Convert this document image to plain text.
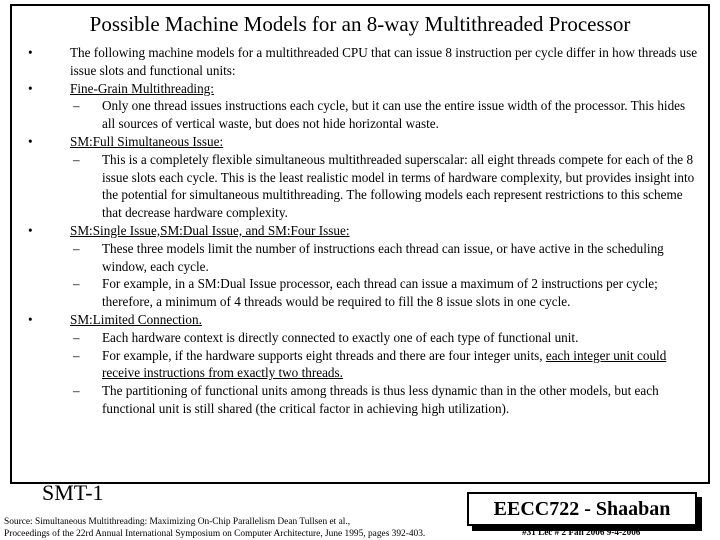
Possible Machine Models for an 8-way Multithreaded Processor
•	The following machine models for a multithreaded CPU that can issue 8 instruction per cycle differ in how threads use issue slots and functional units:
•	Fine-Grain Multithreading:
– Only one thread issues instructions each cycle, but it can use the entire issue width of the processor. This hides all sources of vertical waste, but does not hide horizontal waste.
•	SM:Full Simultaneous Issue:
– This is a completely flexible simultaneous multithreaded superscalar: all eight threads compete for each of the 8 issue slots each cycle. This is the least realistic model in terms of hardware complexity, but provides insight into the potential for simultaneous multithreading. The following models each represent restrictions to this scheme that decrease hardware complexity.
•	SM:Single Issue,SM:Dual Issue, and SM:Four Issue:
– These three models limit the number of instructions each thread can issue, or have active in the scheduling window, each cycle.
– For example, in a SM:Dual Issue processor, each thread can issue a maximum of 2 instructions per cycle; therefore, a minimum of 4 threads would be required to fill the 8 issue slots in one cycle.
•	SM:Limited Connection.
– Each hardware context is directly connected to exactly one of each type of functional unit.
– For example, if the hardware supports eight threads and there are four integer units, each integer unit could receive instructions from exactly two threads.
– The partitioning of functional units among threads is thus less dynamic than in the other models, but each functional unit is still shared (the critical factor in achieving high utilization).
SMT-1
Source: Simultaneous Multithreading: Maximizing On-Chip Parallelism Dean Tullsen et al.,
Proceedings of the 22rd Annual International Symposium on Computer Architecture, June 1995, pages 392-403.
EECC722 - Shaaban
#31 Lec # 2 Fall 2006 9-4-2006
